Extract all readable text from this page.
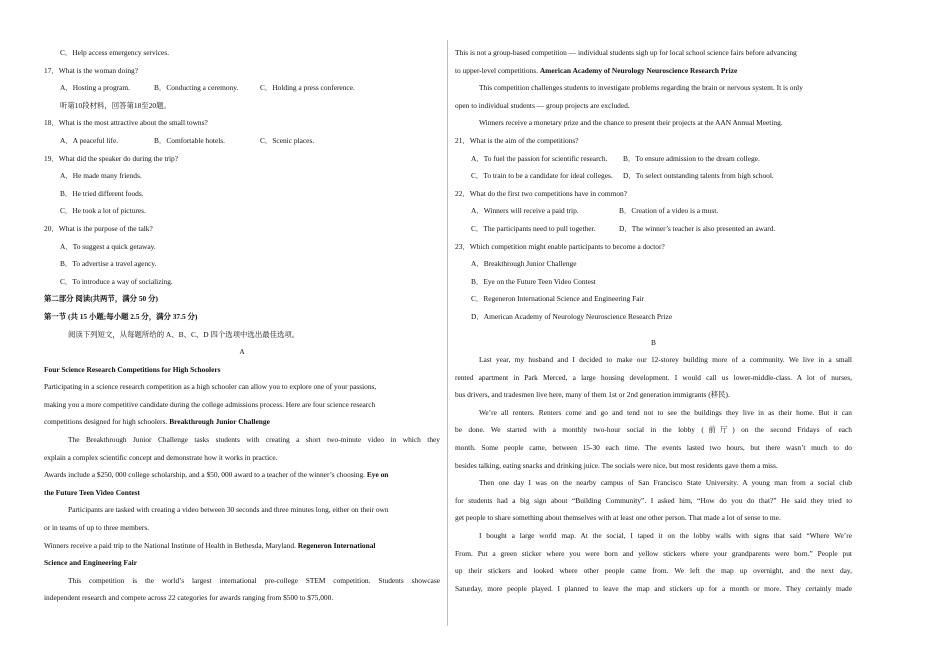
C．Help access emergency services.
17．What is the woman doing?
A．Hosting a program.	B．Conducting a ceremony.	C．Holding a press conference.
听第10段材料，回答第18至20题。
18．What is the most attractive about the small towns?
A．A peaceful life.	B．Comfortable hotels.	C．Scenic places.
19．What did the speaker do during the trip?
A．He made many friends.
B．He tried different foods.
C．He took a lot of pictures.
20．What is the purpose of the talk?
A．To suggest a quick getaway.
B．To advertise a travel agency.
C．To introduce a way of socializing.
第二部分 阅读(共两节，满分 50 分)
第一节 (共 15 小题;每小题 2.5 分，满分 37.5 分)
阅读下列短文，从每题所给的 A、B、C、D 四个选项中选出最佳选项。
A
Four Science Research Competitions for High Schoolers
Participating in a science research competition as a high schooler can allow you to explore one of your passions,
making you a more competitive candidate during the college admissions process. Here are four science research
competitions designed for high schoolers. Breakthrough Junior Challenge
The Breakthrough Junior Challenge tasks students with creating a short two-minute video in which they
explain a complex scientific concept and demonstrate how it works in practice.
Awards include a $250, 000 college scholarship, and a $50, 000 award to a teacher of the winner’s choosing. Eye on
the Future Teen Video Contest
Participants are tasked with creating a video between 30 seconds and three minutes long, either on their own
or in teams of up to three members.
Winners receive a paid trip to the National Institute of Health in Bethesda, Maryland. Regeneron International
Science and Engineering Fair
This competition is the world’s largest international pre-college STEM competition. Students showcase
independent research and compete across 22 categories for awards ranging from $500 to $75,000.
This is not a group-based competition — individual students sigh up for local school science fairs before advancing
to upper-level competitions. American Academy of Neurology Neuroscience Research Prize
This competition challenges students to investigate problems regarding the brain or nervous system. It is only
open to individual students — group projects are excluded.
Winners receive a monetary prize and the chance to present their projects at the AAN Annual Meeting.
21．What is the aim of the competitions?
A．To fuel the passion for scientific research. B．To ensure admission to the dream college.
C．To train to be a candidate for ideal colleges. D．To select outstanding talents from high school.
22．What do the first two competitions have in common?
A．Winners will receive a paid trip.	B．Creation of a video is a must.
C．The participants need to pull together.	D．The winner’s teacher is also presented an award.
23．Which competition might enable participants to become a doctor?
A．Breakthrough Junior Challenge
B．Eye on the Future Teen Video Contest
C．Regeneron International Science and Engineering Fair
D．American Academy of Neurology Neuroscience Research Prize
B
Last year, my husband and I decided to make our 12-storey building more of a community. We live in a small
rented apartment in Park Merced, a large housing development. I would call us lower-middle-class. A lot of nurses,
bus drivers, and tradesmen live here, many of them 1st or 2nd generation immigrants (移民).
We’re all renters. Renters come and go and tend not to see the buildings they live in as their home. But it can
be done. We started with a monthly two-hour social in the lobby (前厅) on the second Fridays of each
month. Some people came, between 15-30 each time. The events lasted two hours, but there wasn’t much to do
besides talking, eating snacks and drinking juice. The socials were nice, but most residents gave them a miss.
Then one day I was on the nearby campus of San Francisco State University. A young man from a social club
for students had a big sign about “Building Community”. I asked him, “How do you do that?” He said they tried to
get people to share something about themselves with at least one other person. That made a lot of sense to me.
I bought a large world map. At the social, I taped it on the lobby walls with signs that said “Where We’re
From. Put a green sticker where you were born and yellow stickers where your grandparents were born.” People put
up their stickers and looked where other people came from. We left the map up overnight, and the next day,
Saturday, more people played. I planned to leave the map and stickers up for a month or more. They certainly made
